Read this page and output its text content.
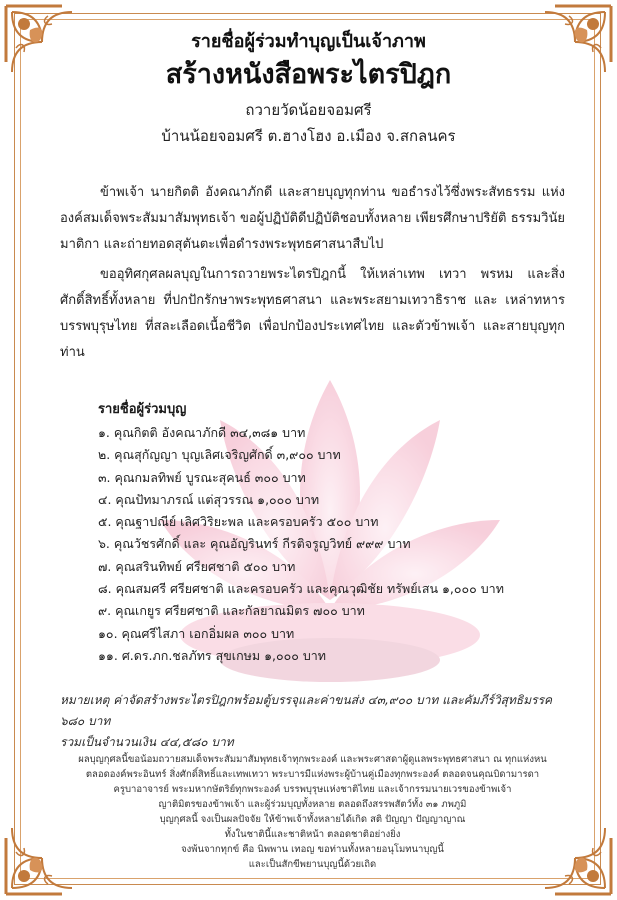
รายชื่อผู้ร่วมทำบุญเป็นเจ้าภาพ
สร้างหนังสือพระไตรปิฎก
ถวายวัดน้อยจอมศรี
บ้านน้อยจอมศรี ต.ฮางโฮง อ.เมือง จ.สกลนคร
ข้าพเจ้า นายกิตติ อังคณาภักดี และสายบุญทุกท่าน ขอธำรงไว้ซึ่งพระสัทธรรม แห่งองค์สมเด็จพระสัมมาสัมพุทธเจ้า ขอผู้ปฏิบัติดีปฏิบัติชอบทั้งหลาย เพียรศึกษาปริยัติ ธรรมวินัย มาติกา และถ่ายทอดสุตันตะเพื่อดำรงพระพุทธศาสนาสืบไป
ขออุทิศกุศลผลบุญในการถวายพระไตรปิฎกนี้ ให้เหล่าเทพ เทวา พรหม และสิ่งศักดิ์สิทธิ์ทั้งหลาย ที่ปกปักรักษาพระพุทธศาสนา และพระสยามเทวาธิราช และ เหล่าทหารบรรพบุรุษไทย ที่สละเลือดเนื้อชีวิต เพื่อปกป้องประเทศไทย และตัวข้าพเจ้า และสายบุญทุกท่าน
รายชื่อผู้ร่วมบุญ
๑. คุณกิตติ อังคณาภักดี ๓๔,๓๘๑ บาท
๒. คุณสุกัญญา บุญเลิศเจริญศักดิ์ ๓,๙๐๐ บาท
๓. คุณกมลทิพย์ บูรณะสุคนธ์ ๓๐๐ บาท
๔. คุณปัทมาภรณ์ แต่สุวรรณ ๑,๐๐๐ บาท
๕. คุณฐาปณีย์ เลิศวิริยะพล และครอบครัว ๕๐๐ บาท
๖. คุณวัชรศักดิ์ และ คุณอัญรินทร์ กีรติจรูญวิทย์ ๙๙๙ บาท
๗. คุณสรินทิพย์ ศรียศชาติ ๕๐๐ บาท
๘. คุณสมศรี ศรียศชาติ และครอบครัว และคุณวุฒิชัย ทรัพย์เสน ๑,๐๐๐ บาท
๙. คุณเกยูร ศรียศชาติ และกัลยาณมิตร ๗๐๐ บาท
๑๐. คุณศรีไสภา เอกอิ่มผล ๓๐๐ บาท
๑๑. ศ.ดร.ภก.ชลภัทร สุขเกษม ๑,๐๐๐ บาท
หมายเหตุ ค่าจัดสร้างพระไตรปิฎกพร้อมตู้บรรจุและค่าขนส่ง ๔๓,๙๐๐ บาท และคัมภีร์วิสุทธิมรรค ๖๘๐ บาท
รวมเป็นจำนวนเงิน ๔๔,๕๘๐ บาท
ผลบุญกุศลนี้ขอน้อมถวายสมเด็จพระสัมมาสัมพุทธเจ้าทุกพระองค์ และพระศาสดาผู้ดูแลพระพุทธศาสนา ณ ทุกแห่งหน
ตลอดองค์พระอินทร์ สิ่งศักดิ์สิทธิ์และเทพเทวา พระบารมีแห่งพระผู้บ้านคู่เมืองทุกพระองค์ ตลอดจนคุณบิดามารดา
ครูบาอาจารย์ พระมหากษัตริย์ทุกพระองค์ บรรพบุรุษแห่งชาติไทย และเจ้ากรรมนายเวรของข้าพเจ้า
ญาติมิตรของข้าพเจ้า และผู้ร่วมบุญทั้งหลาย ตลอดถึงสรรพสัตว์ทั้ง ๓๑ ภพภูมิ
บุญกุศลนี้ จงเป็นผลปัจจัย ให้ข้าพเจ้าทั้งหลายได้เกิด สติ ปัญญา ปัญญาญาณ
ทั้งในชาตินี้และชาติหน้า ตลอดชาติอย่างยิ่ง
จงพ้นจากทุกข์ คือ นิพพาน เทอญ ขอท่านทั้งหลายอนุโมทนาบุญนี้
และเป็นสักขีพยานบุญนี้ด้วยเถิด
